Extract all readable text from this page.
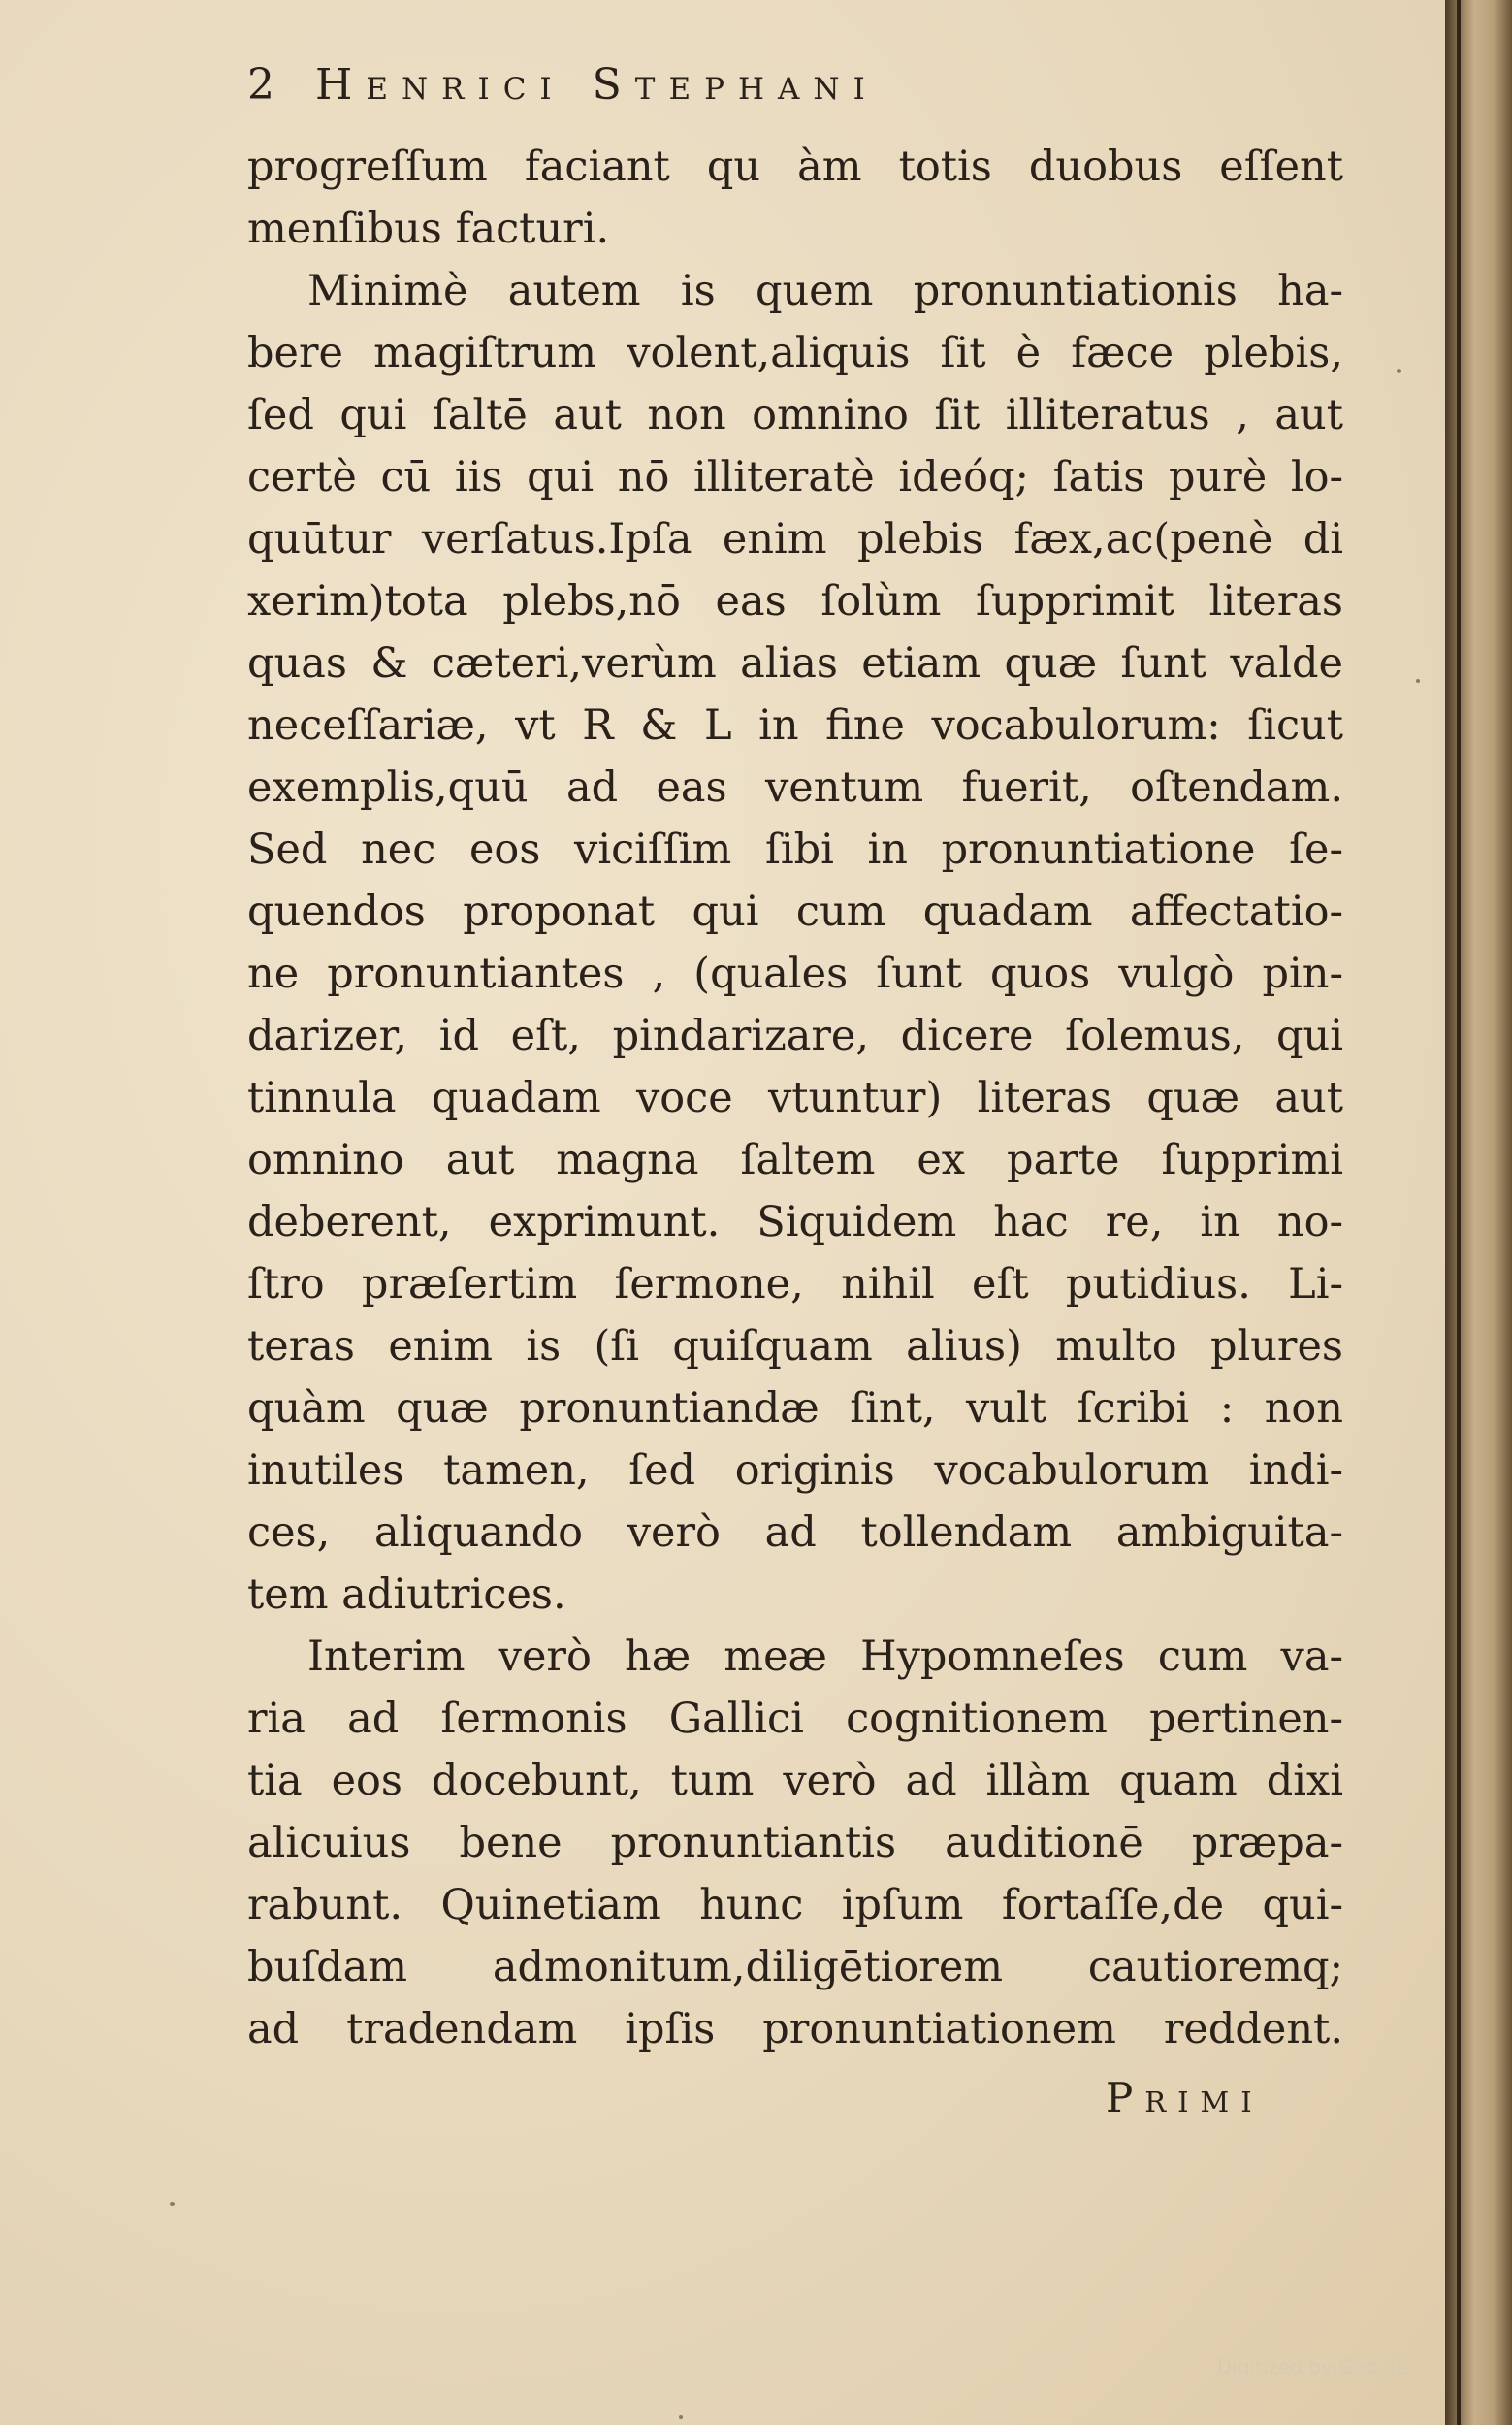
2 Henrici Stephani
progreſſum faciant qu àm totis duobus eſſent
menſibus facturi.
Minimè autem is quem pronuntiationis ha-
bere magiſtrum volent,aliquis ſit è fæce plebis,
ſed qui ſaltē aut non omnino ſit illiteratus , aut
certè cū iis qui nō illiteratè ideóq; ſatis purè lo-
quūtur verſatus.Ipſa enim plebis fæx,ac(penè di
xerim)tota plebs,nō eas ſolùm ſupprimit literas
quas & cæteri,verùm alias etiam quæ ſunt valde
neceſſariæ, vt R & L in fine vocabulorum: ſicut
exemplis,quū ad eas ventum fuerit, oſtendam.
Sed nec eos viciſſim ſibi in pronuntiatione ſe-
quendos proponat qui cum quadam affectatio-
ne pronuntiantes , (quales ſunt quos vulgò pin-
darizer, id eſt, pindarizare, dicere ſolemus, qui
tinnula quadam voce vtuntur) literas quæ aut
omnino aut magna ſaltem ex parte ſupprimi
deberent, exprimunt. Siquidem hac re, in no-
ſtro præſertim ſermone, nihil eſt putidius. Li-
teras enim is (ſi quiſquam alius) multo plures
quàm quæ pronuntiandæ ſint, vult ſcribi : non
inutiles tamen, ſed originis vocabulorum indi-
ces, aliquando verò ad tollendam ambiguita-
tem adiutrices.
Interim verò hæ meæ Hypomneſes cum va-
ria ad ſermonis Gallici cognitionem pertinen-
tia eos docebunt, tum verò ad illàm quam dixi
alicuius bene pronuntiantis auditionē præpa-
rabunt. Quinetiam hunc ipſum fortaſſe,de qui-
buſdam admonitum,diligētiorem cautioremq;
ad tradendam ipſis pronuntiationem reddent.
Primi
Digitized by Google
